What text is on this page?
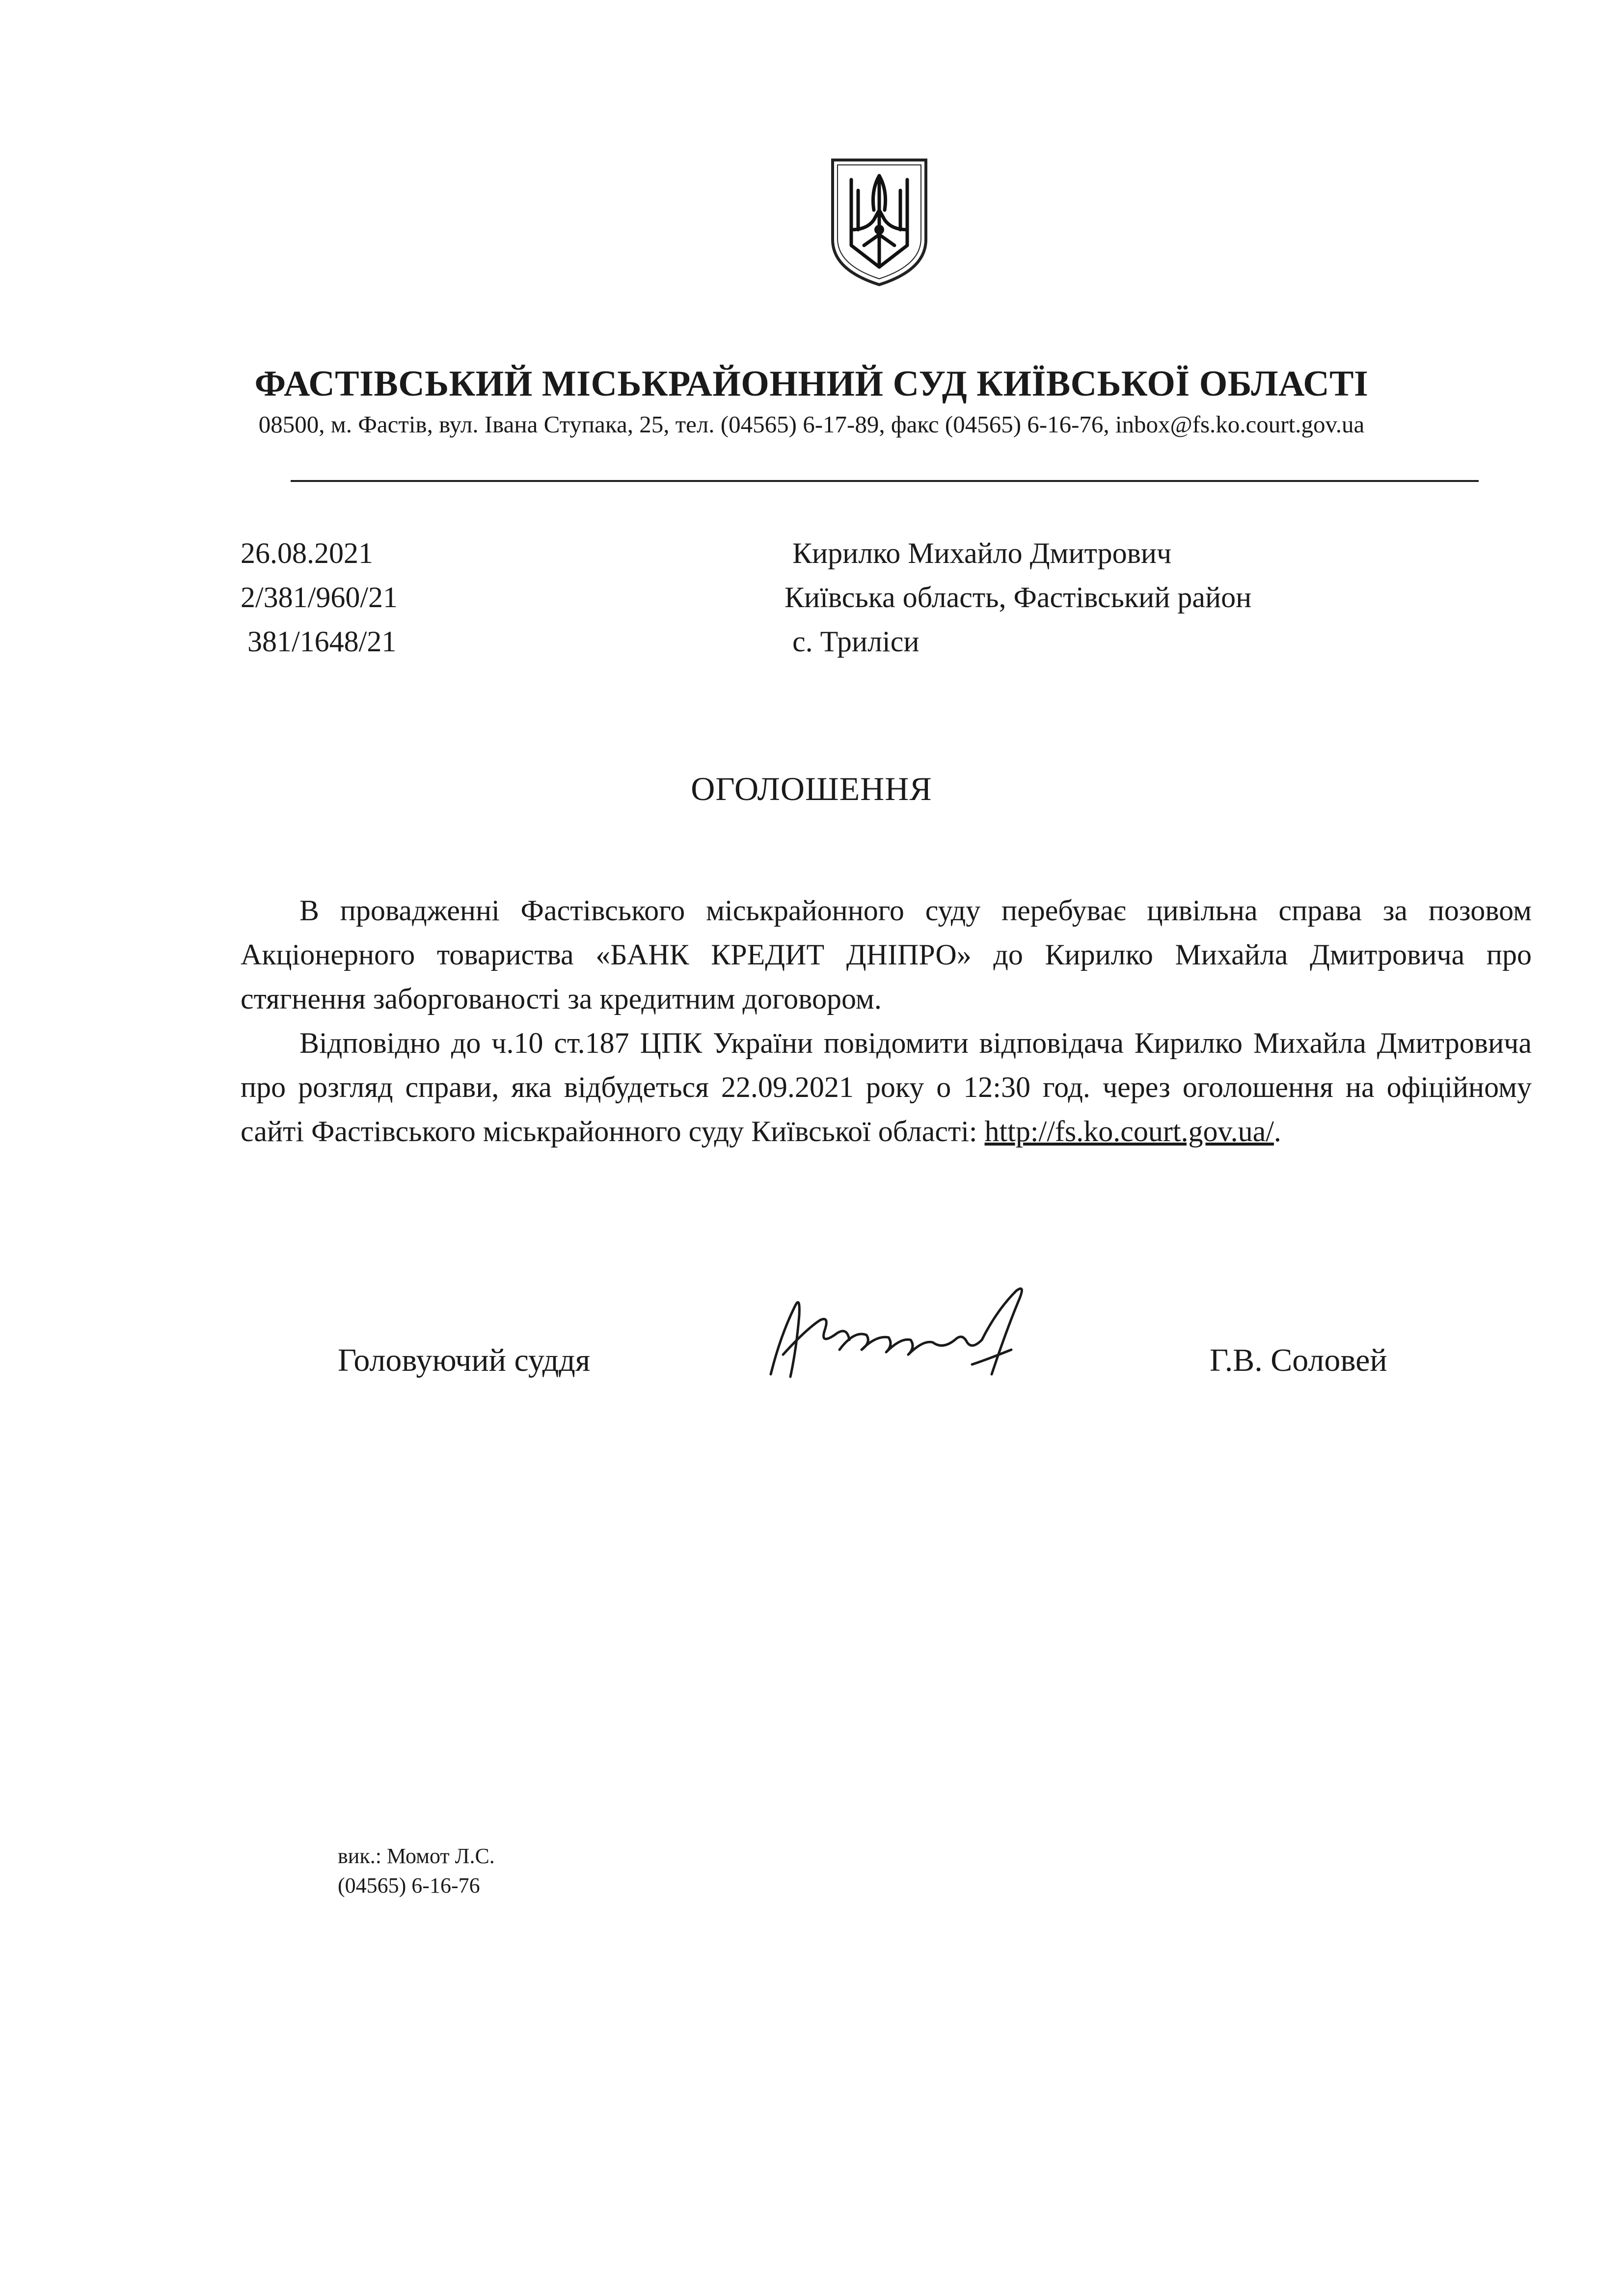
ФАСТІВСЬКИЙ МІСЬКРАЙОННИЙ СУД КИЇВСЬКОЇ ОБЛАСТІ
08500, м. Фастів, вул. Івана Ступака, 25, тел. (04565) 6-17-89, факс (04565) 6-16-76, inbox@fs.ko.court.gov.ua
26.08.2021
2/381/960/21
381/1648/21
Кирилко Михайло Дмитрович
Київська область, Фастівський район
с. Триліси
ОГОЛОШЕННЯ

В провадженні Фастівського міськрайонного суду перебуває цивільна справа за позовом Акціонерного товариства «БАНК КРЕДИТ ДНІПРО» до Кирилко Михайла Дмитровича про стягнення заборгованості за кредитним договором.

Відповідно до ч.10 ст.187 ЦПК України повідомити відповідача Кирилко Михайла Дмитровича про розгляд справи, яка відбудеться 22.09.2021 року о 12:30 год. через оголошення на офіційному сайті Фастівського міськрайонного суду Київської області: http://fs.ko.court.gov.ua/.

Головуючий суддя	Г.В. Соловей
вик.: Момот Л.С.
(04565) 6-16-76
